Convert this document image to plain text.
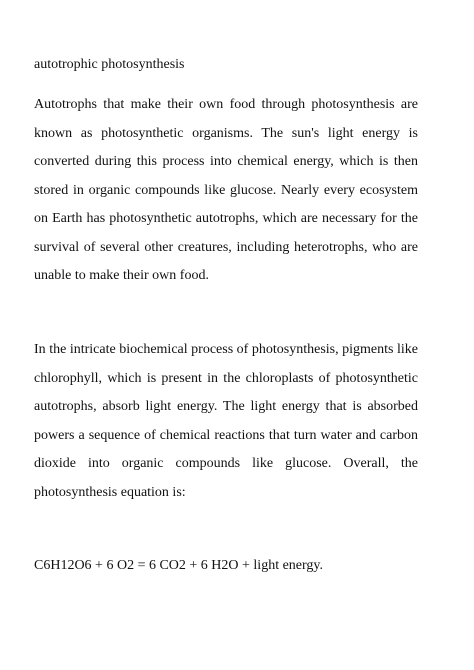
autotrophic photosynthesis

Autotrophs that make their own food through photosynthesis are known as photosynthetic organisms. The sun's light energy is converted during this process into chemical energy, which is then stored in organic compounds like glucose. Nearly every ecosystem on Earth has photosynthetic autotrophs, which are necessary for the survival of several other creatures, including heterotrophs, who are unable to make their own food.

In the intricate biochemical process of photosynthesis, pigments like chlorophyll, which is present in the chloroplasts of photosynthetic autotrophs, absorb light energy. The light energy that is absorbed powers a sequence of chemical reactions that turn water and carbon dioxide into organic compounds like glucose. Overall, the photosynthesis equation is:

C6H12O6 + 6 O2 = 6 CO2 + 6 H2O + light energy.
